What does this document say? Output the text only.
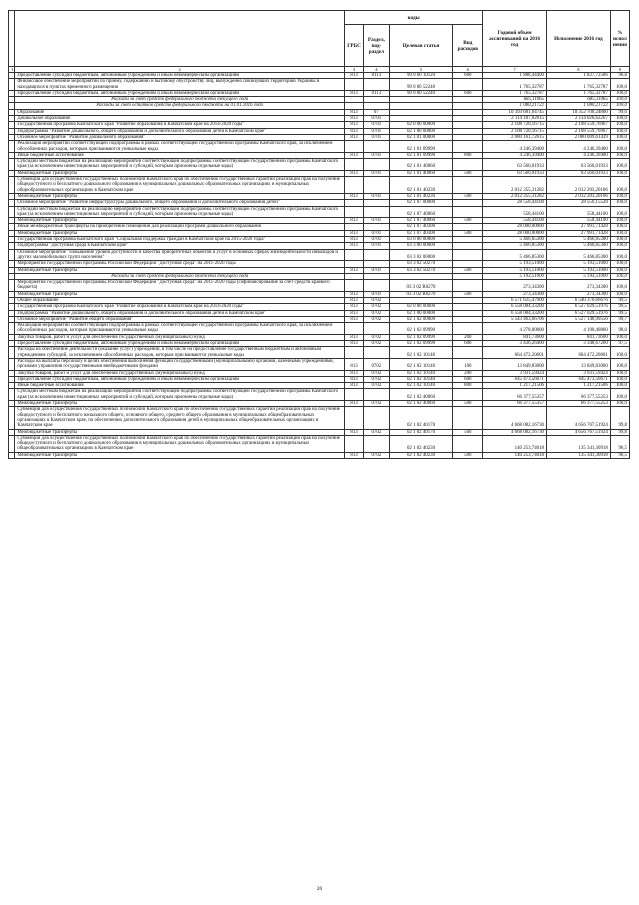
		коды				Годовой объем ассигнований на 2016 год	Исполнение 2016 год	% испол нения
		ГРБС	Раздел, под-раздел	Целевая статья	Вид расходов			
1	2	3	4	5	6	7	8	9
	Предоставление субсидий бюджетным, автономным учреждениям и иным некоммерческим организациям	813	0113	99 0 00 10120	600	1 888,44400	1 827,72586	96,8
	Финансовое обеспечение мероприятий по приему, содержанию и бытовому обустройству лиц, вынужденно покинувших территорию Украины и находящихся в пунктах временного размещения			99 0 00 52240		1 765,32787	1 765,32787	100,0
	Предоставление субсидий бюджетным, автономным учреждениям и иным некоммерческим организациям	813	0113	99 0 00 52240	600	1 765,32787	1 765,32787	100,0
	Расходы за счет средств федерального бюджета текущего года					685,11065	685,11065	100,0
	Расходы за счет остатков средств федерального бюджета на 01.01.2016 года					1 080,21722	1 080,21722	100,0
	Образование	813	07			10 393 681,64745	10 352 700,24800	99,6
	Дошкольное образование	813	0701			2 114 187,02015	2 114 026,62267	100,0
	Государственная программа Камчатского края "Развитие образования в Камчатском крае на 2014-2020 годы"	813	0701	02 0 00 00000		2 108 720,16715	2 108 559,76967	100,0
	Подпрограмма "Развитие дошкольного, общего образования и дополнительного образования детей в Камчатском крае"	813	0701	02 1 00 00000		2 108 720,16715	2 108 559,76967	100,0
	Основное мероприятие "Развитие дошкольного образования"	813	0701	02 1 01 00000		2 080 161,72615	2 080 009,61439	100,0
	Реализация мероприятий соответствующей подпрограммы в рамках соответствующей государственной программы Камчатского края, за исключением обособленных расходов, которым присваиваются уникальные коды			02 1 01 09990		4 246,39400	4 246,39400	100,0
	Иные бюджетные ассигнования	813	0701	02 1 01 09990	800	4 246,39400	4 246,39400	100,0
	Субсидии местным бюджетам на реализацию мероприятий соответствующей подпрограммы соответствующей государственной программы Камчатского края (за исключением инвестиционных мероприятий и субсидий, которым присвоены отдельные коды)			02 1 01 40060		63 560,01933	63 560,01933	100,0
	Межбюджетные трансферты	813	0701	02 1 01 40060	500	63 560,01933	63 560,01933	100,0
	Субвенции для осуществления государственных полномочий Камчатского края по обеспечению государственных гарантий реализации прав на получение общедоступного и бесплатного дошкольного образования в муниципальных дошкольных образовательных организациях и муниципальных общеобразовательных организациях в Камчатском крае			02 1 01 40230		2 012 355,31282	2 012 203,20106	100,0
	Межбюджетные трансферты	813	0701	02 1 01 40230	500	2 012 355,31282	2 012 203,20106	100,0
	Основное мероприятие "Развитие инфраструктуры дошкольного, общего образования и дополнительного образования детей"			02 1 07 00000		28 558,44100	28 550,15528	100,0
	Субсидии местным бюджетам на реализацию мероприятий соответствующей подпрограммы соответствующей государственной программы Камчатского края (за исключением инвестиционных мероприятий и субсидий, которым присвоены отдельные коды)			02 1 07 40060		558,44100	558,44100	100,0
	Межбюджетные трансферты	813	0701	02 1 07 40060	500	558,44100	558,44100	100,0
	Иные межбюджетные трансферты на приобретение помещений для реализации программ дошкольного образования			02 1 07 40300		28 000,00000	27 991,71428	100,0
	Межбюджетные трансферты	813	0701	02 1 07 40300	500	28 000,00000	27 991,71428	100,0
	Государственная программа Камчатского края "Социальная поддержка граждан в Камчатском крае на 2015-2020 годы"	813	0701	03 0 00 00000		5 466,85300	5 466,85300	100,0
	Подпрограмма "Доступная среда в Камчатском крае"	813	0701	03 3 00 00000		5 466,85300	5 466,85300	100,0
	Основное мероприятие "Повышение уровня доступности и качества приоритетных объектов и услуг в основных сферах жизнедеятельности инвалидов и других маломобильных групп населения"			03 3 02 00000		5 466,85300	5 466,85300	100,0
	Мероприятия государственной программы Российской Федерации "Доступная среда" на 2011-2020 годы			03 3 02 50270		5 193,51000	5 193,51000	100,0
	Межбюджетные трансферты	813	0701	03 3 02 50270	500	5 193,51000	5 193,51000	100,0
	Расходы за счет средств федерального бюджета текущего года					5 193,51000	5 193,51000	100,0
	Мероприятия государственной программы Российской Федерации "Доступная среда" на 2011-2020 годы (софинансирование за счет средств краевого бюджета)			03 3 02 R0270		273,34300	273,34300	100,0
	Межбюджетные трансферты	813	0701	03 3 02 R0270	500	273,34300	273,34300	100,0
	Общее образование	813	0702			6 571 625,47900	6 540 370,66676	99,5
	Государственная программа Камчатского края "Развитие образования в Камчатском крае на 2014-2020 годы"	813	0702	02 0 00 00000		6 558 084,33200	6 527 029,51976	99,5
	Подпрограмма "Развитие дошкольного, общего образования и дополнительного образования детей в Камчатском крае"	813	0702	02 1 00 00000		6 558 084,33200	6 527 029,51976	99,5
	Основное мероприятие "Развитие общего образования"	813	0702	02 1 02 00000		5 543 463,66706	5 527 148,99556	99,7
	Реализация мероприятий соответствующей подпрограммы в рамках соответствующей государственной программы Камчатского края, за исключением обособленных расходов, которым присваиваются уникальные коды			02 1 02 09990		4 278,00000	4 190,40860	98,0
	Закупка товаров, работ и услуг для обеспечения государственных (муниципальных) нужд	813	0702	02 1 02 09990	200	841,73600	841,73600	100,0
	Предоставление субсидий бюджетным, автономным учреждениям и иным некоммерческим организациям	813	0702	02 1 02 09990	600	3 436,26400	3 348,67260	97,5
	Расходы на обеспечение деятельности (оказание услуг) учреждений, в том числе на предоставление государственным бюджетным и автономным учреждениям субсидий, за исключением обособленных расходов, которым присваиваются уникальные коды			02 1 02 10140		664 472,20601	664 472,20601	100,0
	Расходы на выплаты персоналу в целях обеспечения выполнения функций государственными (муниципальными) органами, казенными учреждениями, органами управления государственными внебюджетными фондами	813	0702	02 1 02 10140	100	13 849,83000	13 849,83000	100,0
	Закупка товаров, работ и услуг для обеспечения государственных (муниципальных) нужд	813	0702	02 1 02 10140	200	3 931,59424	3 931,59424	100,0
	Предоставление субсидий бюджетным, автономным учреждениям и иным некоммерческим организациям	813	0702	02 1 02 10140	600	645 473,56671	645 473,56671	100,0
	Иные бюджетные ассигнования	813	0702	02 1 02 10140	800	1 217,21506	1 217,21506	100,0
	Субсидии местным бюджетам на реализацию мероприятий соответствующей подпрограммы соответствующей государственной программы Камчатского края (за исключением инвестиционных мероприятий и субсидий, которым присвоены отдельные коды)			02 1 02 40060		66 377,55357	66 377,55253	100,0
	Межбюджетные трансферты	813	0702	02 1 02 40060	500	66 377,55357	66 377,55253	100,0
	Субвенции для осуществления государственных полномочий Камчатского края по обеспечению государственных гарантий реализации прав на получение общедоступного и бесплатного начального общего, основного общего, среднего общего образования в муниципальных общеобразовательных организациях в Камчатском крае, по обеспечению дополнительного образования детей в муниципальных общеобразовательных организациях в Камчатском крае			02 1 02 40170		4 668 082,16730	4 656 767,51924	99,8
	Межбюджетные трансферты	813	0702	02 1 02 40170	500	4 668 082,16730	4 656 767,51924	99,8
	Субвенции для осуществления государственных полномочий Камчатского края по обеспечению государственных гарантий реализации прав на получение общедоступного и бесплатного дошкольного образования в муниципальных дошкольных образовательных организациях и муниципальных общеобразовательных организациях в Камчатском крае			02 1 02 40230		140 253,74018	135 341,30918	96,5
	Межбюджетные трансферты	813	0702	02 1 02 40230	500	140 253,74018	135 341,30918	96,5
20
